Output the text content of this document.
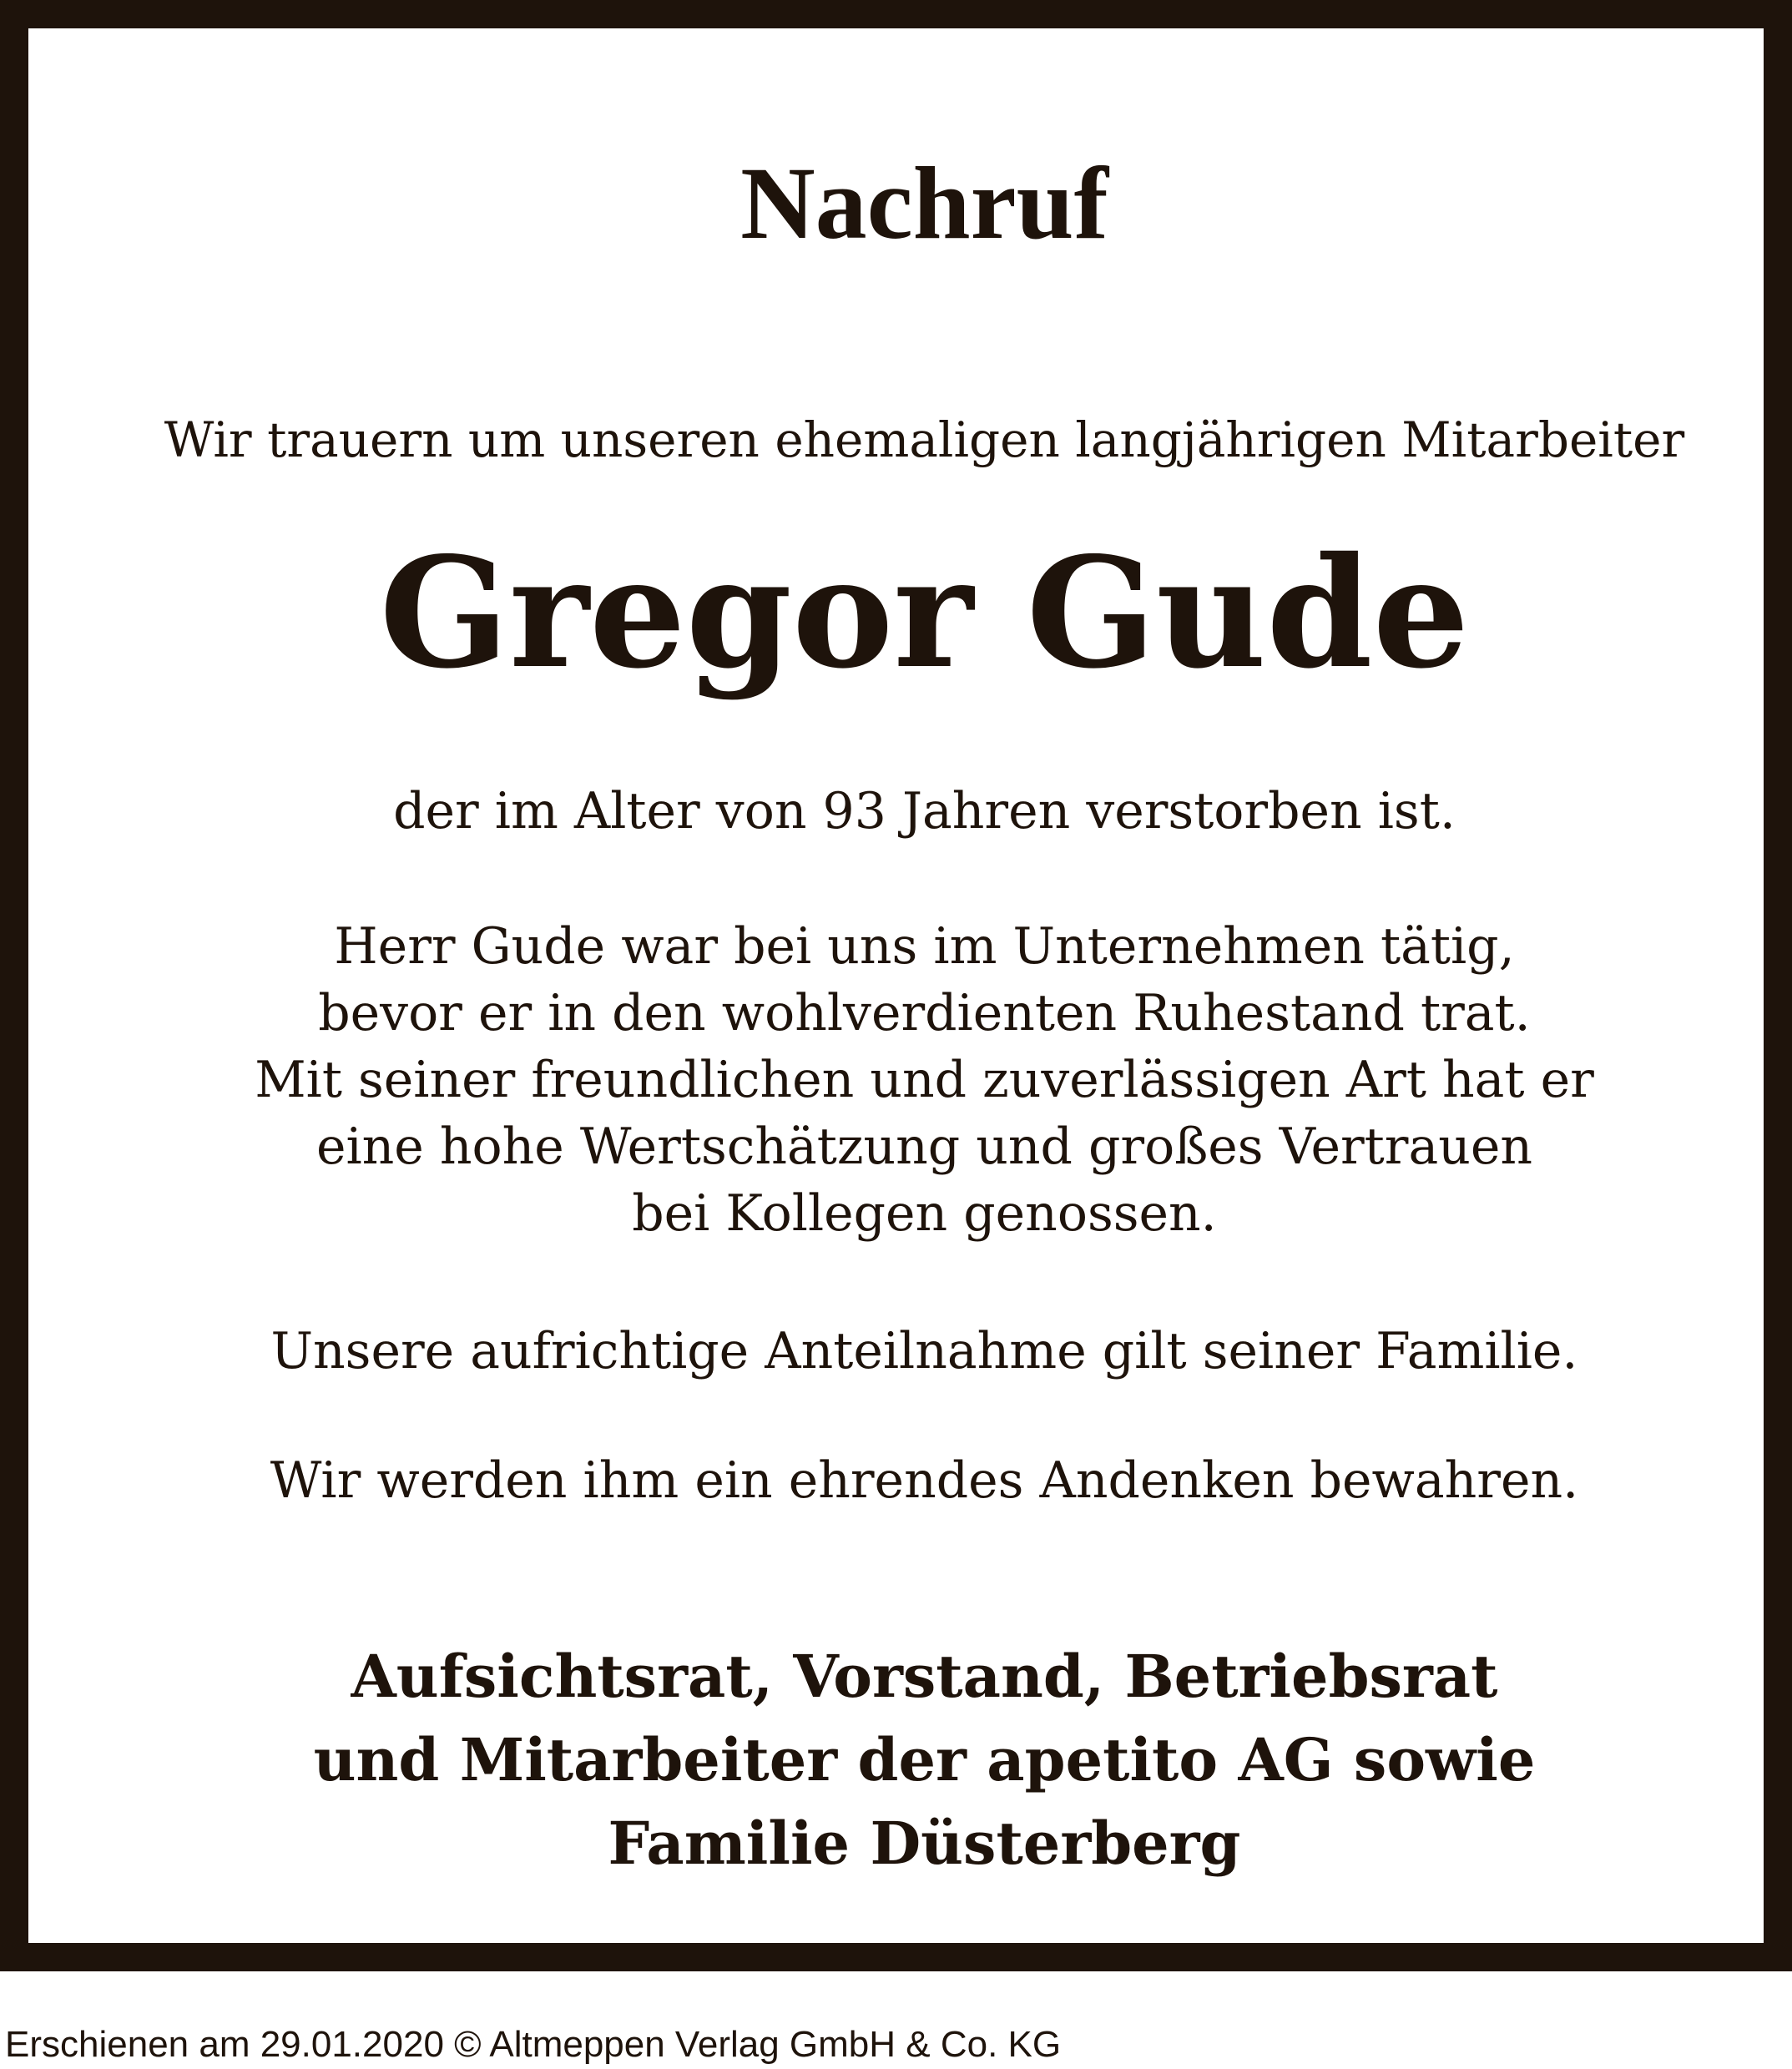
Nachruf
Wir trauern um unseren ehemaligen langjährigen Mitarbeiter
Gregor Gude
der im Alter von 93 Jahren verstorben ist.
Herr Gude war bei uns im Unternehmen tätig,
bevor er in den wohlverdienten Ruhestand trat.
Mit seiner freundlichen und zuverlässigen Art hat er
eine hohe Wertschätzung und großes Vertrauen
bei Kollegen genossen.
Unsere aufrichtige Anteilnahme gilt seiner Familie.
Wir werden ihm ein ehrendes Andenken bewahren.
Aufsichtsrat, Vorstand, Betriebsrat
und Mitarbeiter der apetito AG sowie
Familie Düsterberg
Erschienen am 29.01.2020 © Altmeppen Verlag GmbH & Co. KG
